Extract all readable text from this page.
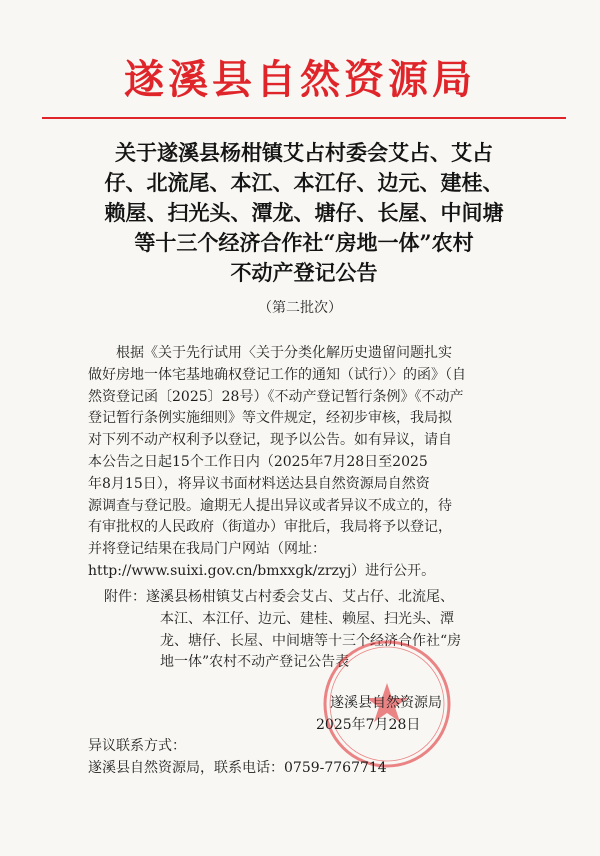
遂溪县自然资源局
关于遂溪县杨柑镇艾占村委会艾占、艾占
仔、北流尾、本江、本江仔、边元、建桂、
赖屋、扫光头、潭龙、塘仔、长屋、中间塘
等十三个经济合作社“房地一体”农村
不动产登记公告
（第二批次）
根据《关于先行试用〈关于分类化解历史遗留问题扎实
做好房地一体宅基地确权登记工作的通知（试行）〉的函》（自
然资登记函〔2025〕28号）《不动产登记暂行条例》《不动产
登记暂行条例实施细则》等文件规定，经初步审核，我局拟
对下列不动产权利予以登记，现予以公告。如有异议，请自
本公告之日起15个工作日内（2025年7月28日至2025
年8月15日），将异议书面材料送达县自然资源局自然资
源调查与登记股。逾期无人提出异议或者异议不成立的，待
有审批权的人民政府（街道办）审批后，我局将予以登记，
并将登记结果在我局门户网站（网址：
http://www.suixi.gov.cn/bmxxgk/zrzyj）进行公开。
附件：遂溪县杨柑镇艾占村委会艾占、艾占仔、北流尾、
本江、本江仔、边元、建桂、赖屋、扫光头、潭
龙、塘仔、长屋、中间塘等十三个经济合作社“房
地一体”农村不动产登记公告表
遂溪县自然资源局
2025年7月28日
异议联系方式：
遂溪县自然资源局，联系电话：0759-7767714
